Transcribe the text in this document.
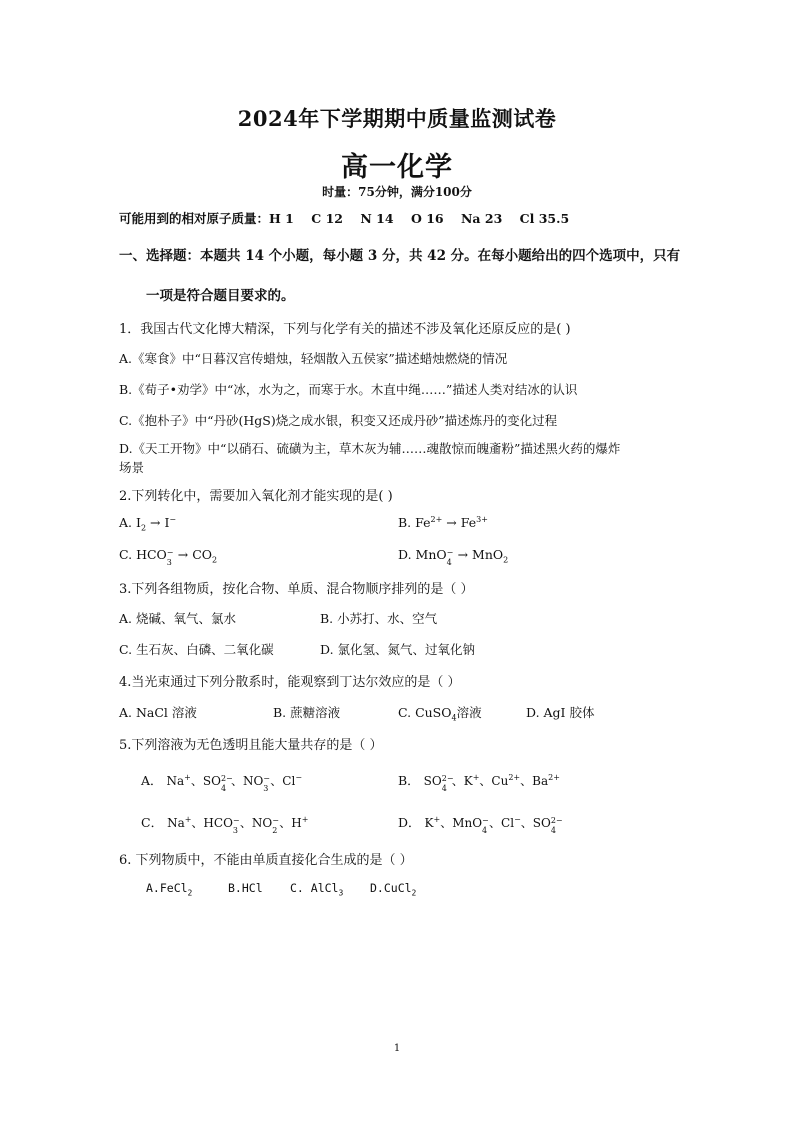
2024年下学期期中质量监测试卷
高一化学
时量：75分钟，满分100分
可能用到的相对原子质量：H 1    C 12    N 14    O 16    Na 23    Cl 35.5
一、选择题：本题共 14 个小题，每小题 3 分，共 42 分。在每小题给出的四个选项中，只有
一项是符合题目要求的。
1．我国古代文化博大精深，下列与化学有关的描述不涉及氧化还原反应的是( )
A.《寒食》中“日暮汉宫传蜡烛，轻烟散入五侯家”描述蜡烛燃烧的情况
B.《荀子•劝学》中“冰，水为之，而寒于水。木直中绳……”描述人类对结冰的认识
C.《抱朴子》中“丹砂(HgS)烧之成水银，积变又还成丹砂”描述炼丹的变化过程
D.《天工开物》中“以硝石、硫磺为主，草木灰为辅……魂散惊而魄齑粉”描述黑火药的爆炸
场景
2.下列转化中，需要加入氧化剂才能实现的是( )
A. $I_2 \to I^-$	B. $Fe^{2+} \to Fe^{3+}$
C. HCO −
3
→ $CO_2$	D. MnO −
4
→ MnO$_2$
3.下列各组物质，按化合物、单质、混合物顺序排列的是（ ）
A. 烧碱、氧气、氯水	B. 小苏打、水、空气
C. 生石灰、白磷、二氧化碳	D. 氯化氢、氮气、过氧化钠
4.当光束通过下列分散系时，能观察到丁达尔效应的是（ ）
A. NaCl 溶液	B. 蔗糖溶液	C. CuSO$_4$溶液	D. AgI 胶体
5.下列溶液为无色透明且能大量共存的是（ ）
A． Na+、SO 2−
4
、NO −
3
、Cl−	B． SO 2−
4
、K+、$Cu^{2+}$、$Ba^{2+}$
C． Na+、HCO −
3
、NO −
2
、H+	D． K+、MnO −
4
、Cl−、SO 2−
4
6. 下列物质中，不能由单质直接化合生成的是（ ）
A.FeCl$_2$	B.HCl C. AlCl$_3$ D.CuCl$_2$
1
